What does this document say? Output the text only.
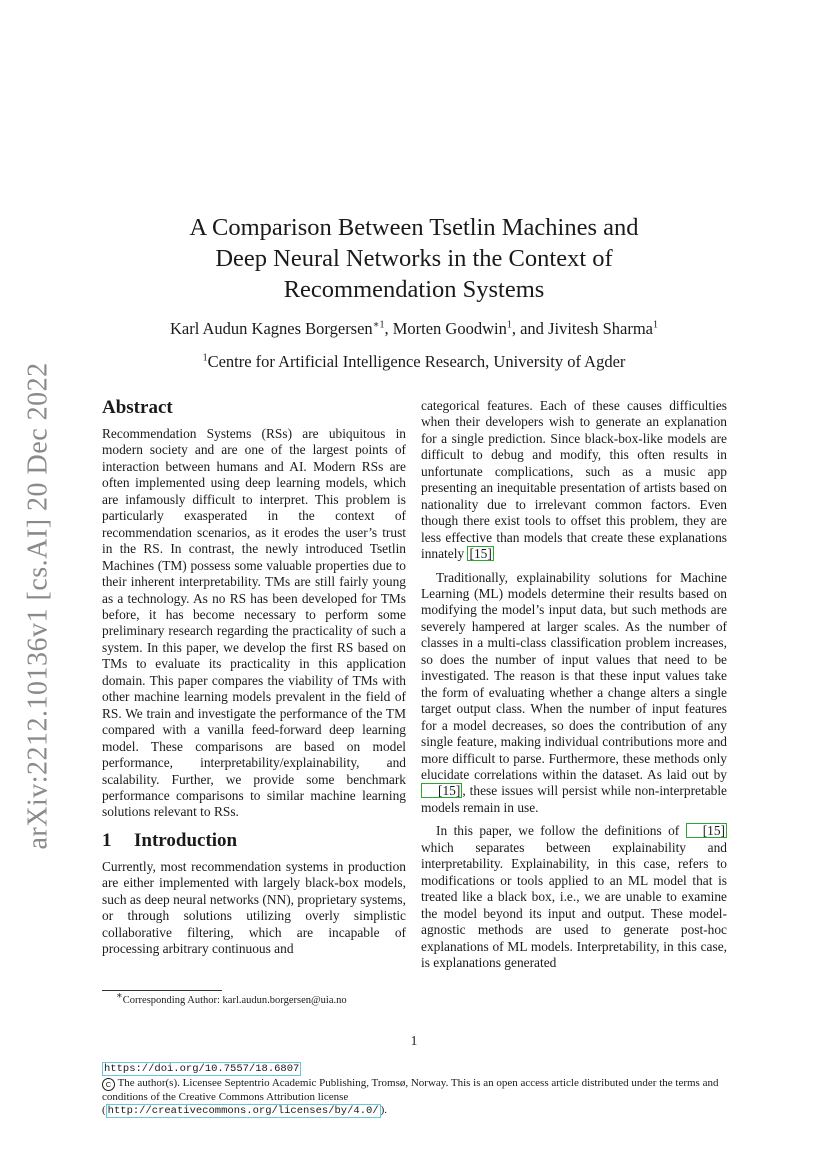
arXiv:2212.10136v1 [cs.AI] 20 Dec 2022
A Comparison Between Tsetlin Machines and
Deep Neural Networks in the Context of
Recommendation Systems
Karl Audun Kagnes Borgersen$^{∗1}$, Morten Goodwin$^1$, and Jivitesh Sharma$^1$
$^1$Centre for Artificial Intelligence Research, University of Agder
Abstract

Recommendation Systems (RSs) are ubiquitous in modern society and are one of the largest points of interaction between humans and AI. Modern RSs are often implemented using deep learning models, which are infamously difficult to interpret. This problem is particularly exasperated in the context of recommendation scenarios, as it erodes the user’s trust in the RS. In contrast, the newly introduced Tsetlin Machines (TM) possess some valuable properties due to their inherent interpretability. TMs are still fairly young as a technology. As no RS has been developed for TMs before, it has become necessary to perform some preliminary research regarding the practicality of such a system. In this paper, we develop the first RS based on TMs to evaluate its practicality in this application domain. This paper compares the viability of TMs with other machine learning models prevalent in the field of RS. We train and investigate the performance of the TM compared with a vanilla feed-forward deep learning model. These comparisons are based on model performance, interpretability/explainability, and scalability. Further, we provide some benchmark performance comparisons to similar machine learning solutions relevant to RSs.

1 Introduction

Currently, most recommendation systems in production are either implemented with largely black-box models, such as deep neural networks (NN), proprietary systems, or through solutions utilizing overly simplistic collaborative filtering, which are incapable of processing arbitrary continuous and

∗Corresponding Author: karl.audun.borgersen@uia.no

categorical features. Each of these causes difficulties when their developers wish to generate an explanation for a single prediction. Since black-box-like models are difficult to debug and modify, this often results in unfortunate complications, such as a music app presenting an inequitable presentation of artists based on nationality due to irrelevant common factors. Even though there exist tools to offset this problem, they are less effective than models that create these explanations innately [15]

Traditionally, explainability solutions for Machine Learning (ML) models determine their results based on modifying the model’s input data, but such methods are severely hampered at larger scales. As the number of classes in a multi-class classification problem increases, so does the number of input values that need to be investigated. The reason is that these input values take the form of evaluating whether a change alters a single target output class. When the number of input features for a model decreases, so does the contribution of any single feature, making individual contributions more and more difficult to parse. Furthermore, these methods only elucidate correlations within the dataset. As laid out by [15] , these issues will persist while non-interpretable models remain in use.

In this paper, we follow the definitions of [15] which separates between explainability and interpretability. Explainability, in this case, refers to modifications or tools applied to an ML model that is treated like a black box, i.e., we are unable to examine the model beyond its input and output. These model-agnostic methods are used to generate post-hoc explanations of ML models. Interpretability, in this case, is explanations generated

1
https://doi.org/10.7557/18.6807
C The author(s). Licensee Septentrio Academic Publishing, Tromsø, Norway. This is an open access article distributed under the terms and conditions of the Creative Commons Attribution license
( http://creativecommons.org/licenses/by/4.0/ ).
